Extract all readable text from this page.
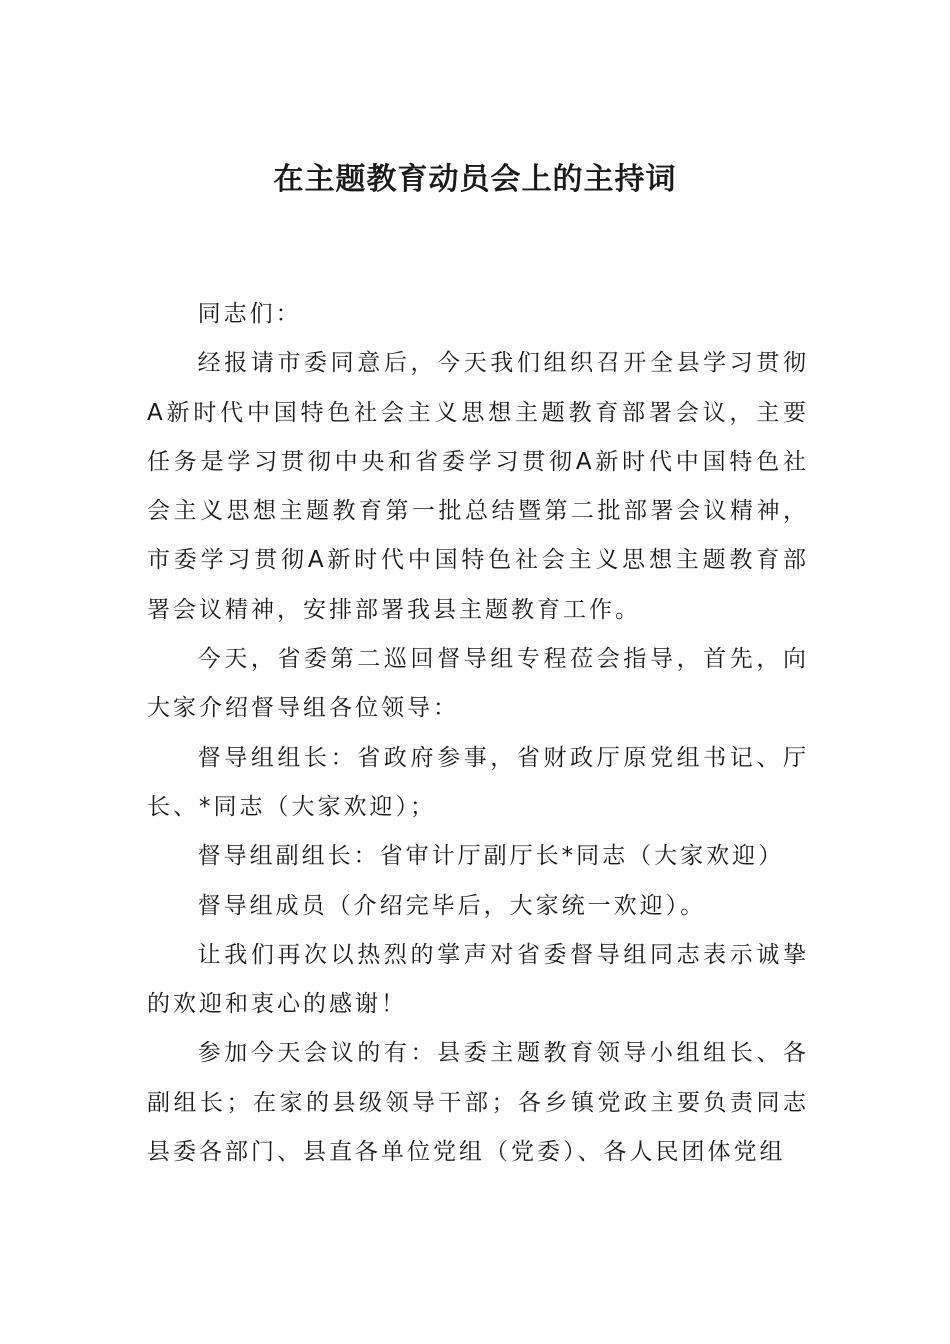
在主题教育动员会上的主持词

同志们：

经报请市委同意后，今天我们组织召开全县学习贯彻A新时代中国特色社会主义思想主题教育部署会议，主要任务是学习贯彻中央和省委学习贯彻A新时代中国特色社会主义思想主题教育第一批总结暨第二批部署会议精神，市委学习贯彻A新时代中国特色社会主义思想主题教育部署会议精神，安排部署我县主题教育工作。

今天，省委第二巡回督导组专程莅会指导，首先，向大家介绍督导组各位领导：

督导组组长：省政府参事，省财政厅原党组书记、厅长、*同志（大家欢迎）；

督导组副组长：省审计厅副厅长*同志（大家欢迎）

督导组成员（介绍完毕后，大家统一欢迎）。

让我们再次以热烈的掌声对省委督导组同志表示诚挚的欢迎和衷心的感谢！

参加今天会议的有：县委主题教育领导小组组长、各副组长；在家的县级领导干部；各乡镇党政主要负责同志县委各部门、县直各单位党组（党委）、各人民团体党组
